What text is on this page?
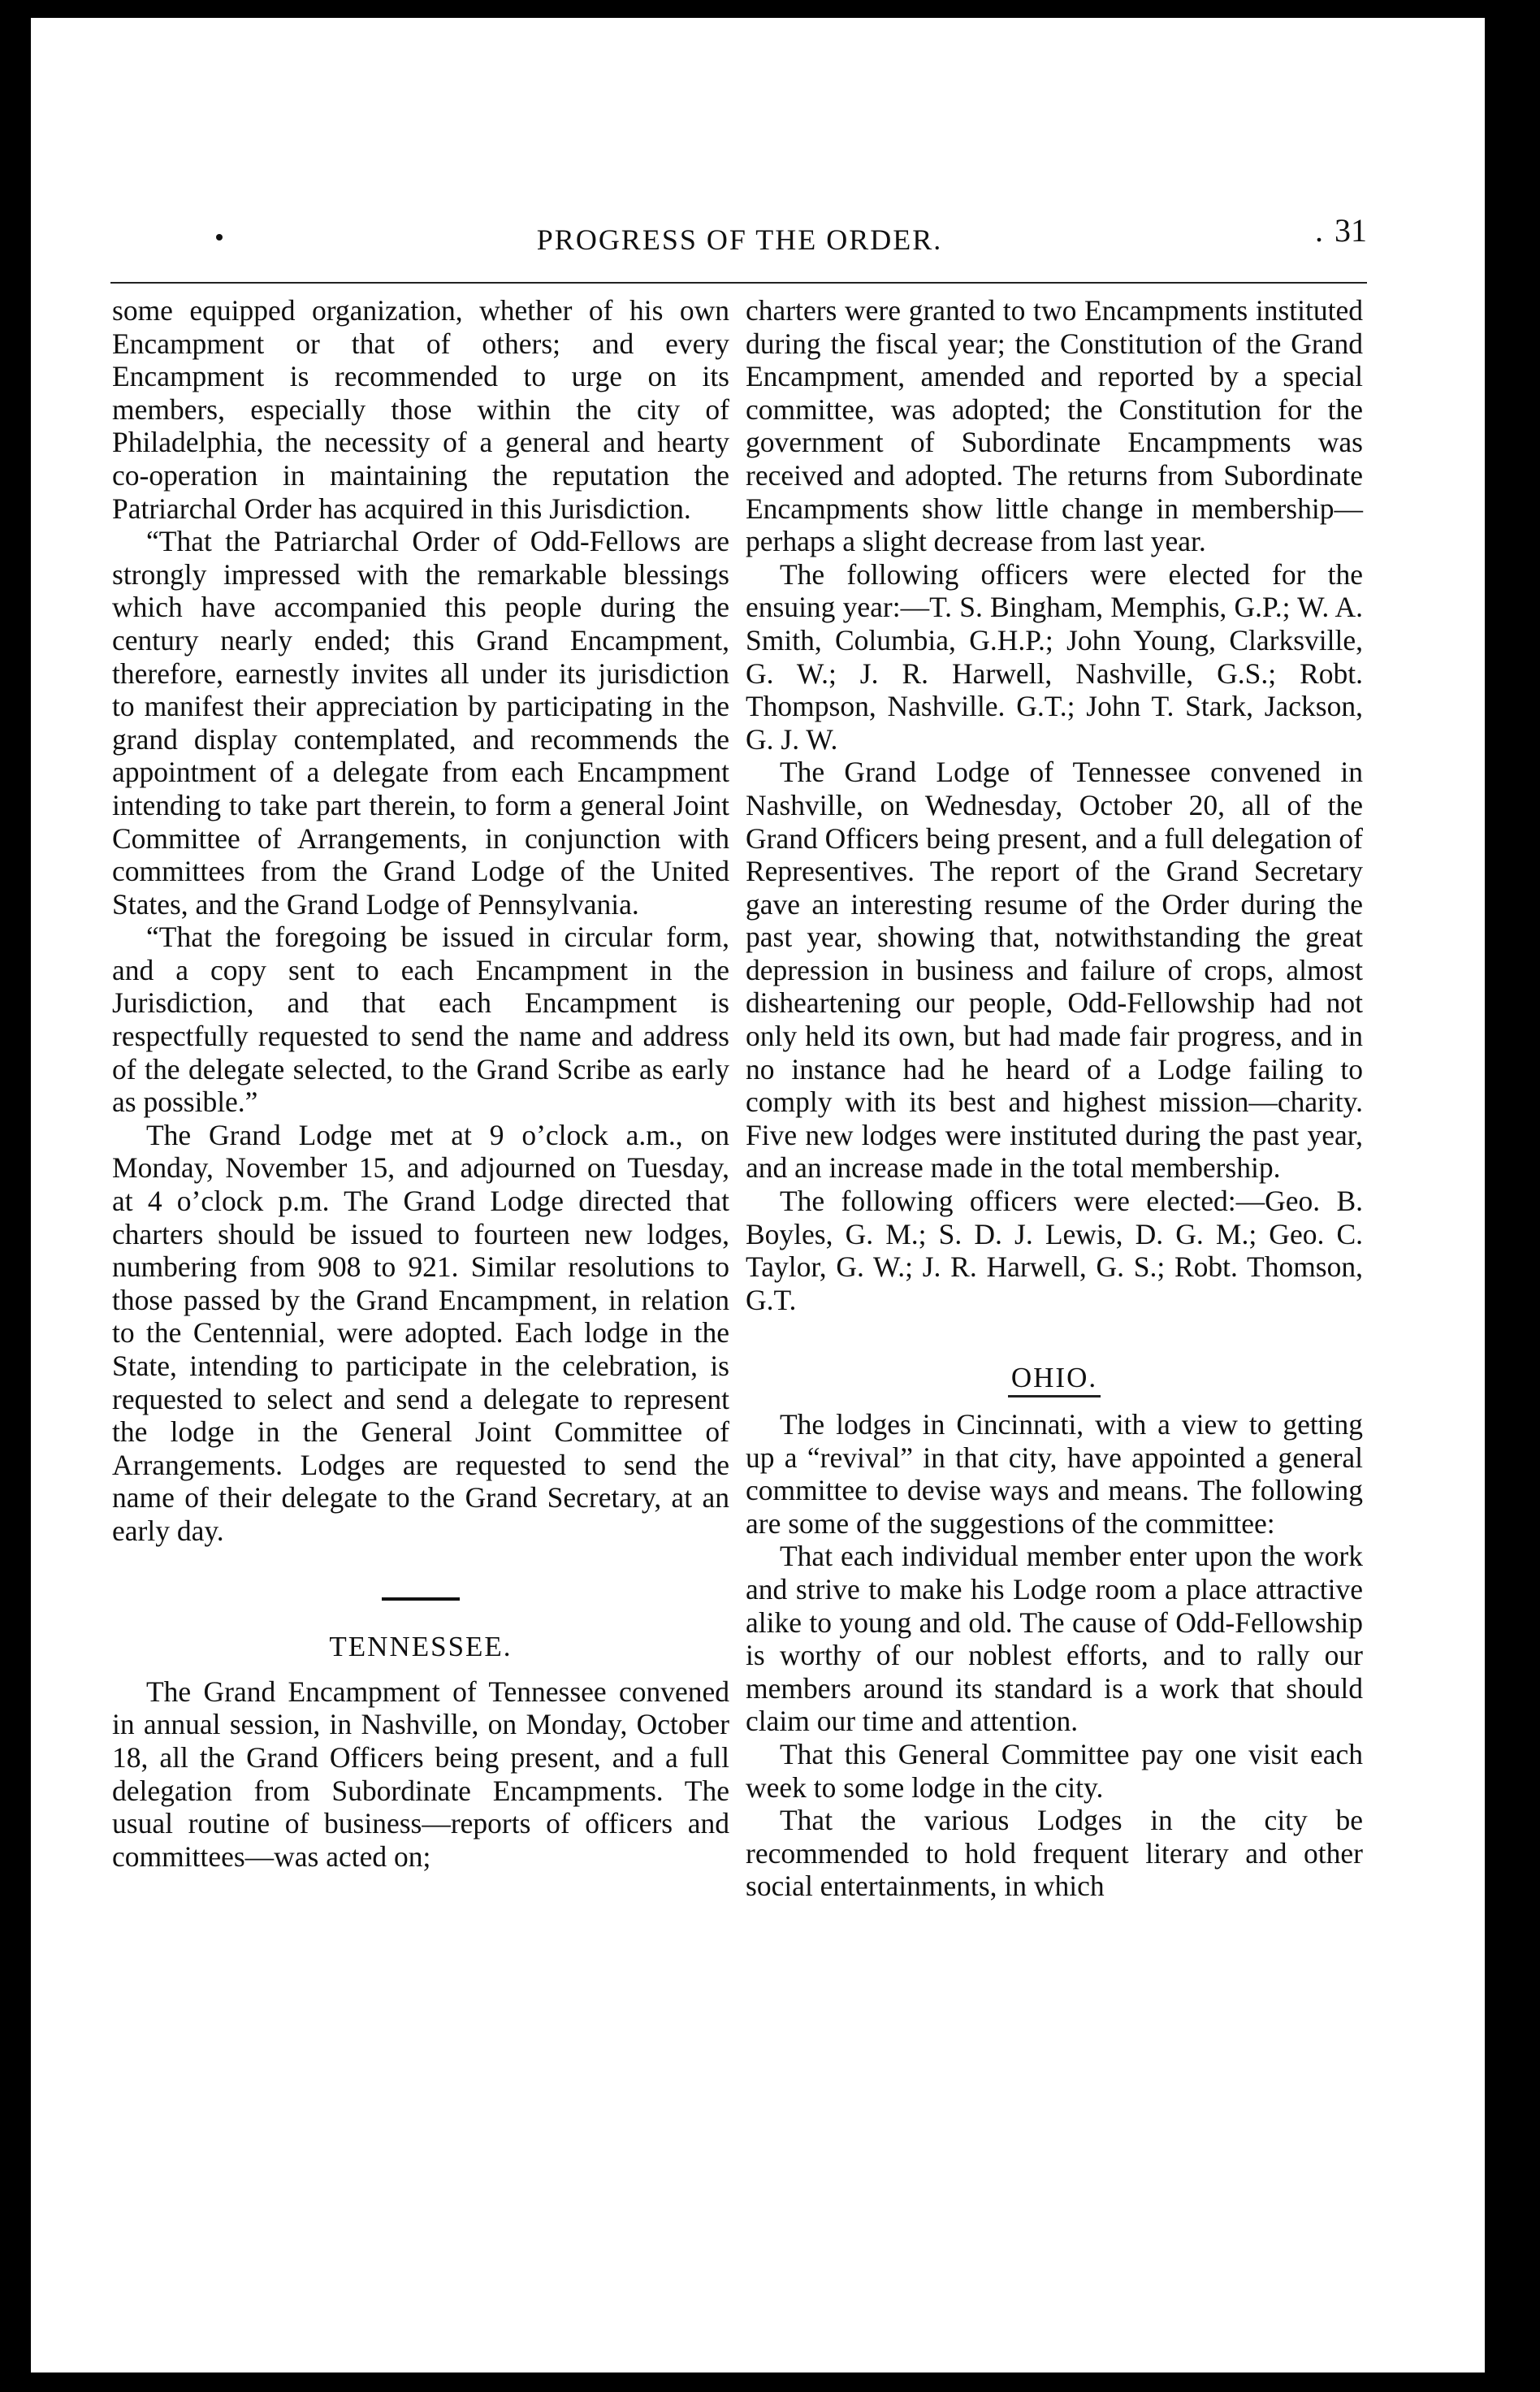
PROGRESS OF THE ORDER.	. 31

some equipped organization, whether of his own Encampment or that of others; and every Encampment is recommended to urge on its members, especially those within the city of Philadelphia, the necessity of a general and hearty co-operation in maintaining the reputation the Patriarchal Order has acquired in this Jurisdiction.

“That the Patriarchal Order of Odd-Fellows are strongly impressed with the remarkable blessings which have accompanied this people during the century nearly ended; this Grand Encampment, therefore, earnestly invites all under its jurisdiction to manifest their appreciation by participating in the grand display contemplated, and recommends the appointment of a delegate from each Encampment intending to take part therein, to form a general Joint Committee of Arrangements, in conjunction with committees from the Grand Lodge of the United States, and the Grand Lodge of Pennsylvania.

“That the foregoing be issued in circular form, and a copy sent to each Encampment in the Jurisdiction, and that each Encampment is respectfully requested to send the name and address of the delegate selected, to the Grand Scribe as early as possible.”

The Grand Lodge met at 9 o’clock a.m., on Monday, November 15, and adjourned on Tuesday, at 4 o’clock p.m. The Grand Lodge directed that charters should be issued to fourteen new lodges, numbering from 908 to 921. Similar resolutions to those passed by the Grand Encampment, in relation to the Centennial, were adopted. Each lodge in the State, intending to participate in the celebration, is requested to select and send a delegate to represent the lodge in the General Joint Committee of Arrangements. Lodges are requested to send the name of their delegate to the Grand Secretary, at an early day.

TENNESSEE.

The Grand Encampment of Tennessee convened in annual session, in Nashville, on Monday, October 18, all the Grand Officers being present, and a full delegation from Subordinate Encampments. The usual routine of business—reports of officers and committees—was acted on;

charters were granted to two Encampments instituted during the fiscal year; the Constitution of the Grand Encampment, amended and reported by a special committee, was adopted; the Constitution for the government of Subordinate Encampments was received and adopted. The returns from Subordinate Encampments show little change in membership—perhaps a slight decrease from last year.

The following officers were elected for the ensuing year:—T. S. Bingham, Memphis, G.P.; W. A. Smith, Columbia, G.H.P.; John Young, Clarksville, G. W.; J. R. Harwell, Nashville, G.S.; Robt. Thompson, Nashville. G.T.; John T. Stark, Jackson, G. J. W.

The Grand Lodge of Tennessee convened in Nashville, on Wednesday, October 20, all of the Grand Officers being present, and a full delegation of Representives. The report of the Grand Secretary gave an interesting resume of the Order during the past year, showing that, notwithstanding the great depression in business and failure of crops, almost disheartening our people, Odd-Fellowship had not only held its own, but had made fair progress, and in no instance had he heard of a Lodge failing to comply with its best and highest mission—charity. Five new lodges were instituted during the past year, and an increase made in the total membership.

The following officers were elected:—Geo. B. Boyles, G. M.; S. D. J. Lewis, D. G. M.; Geo. C. Taylor, G. W.; J. R. Harwell, G. S.; Robt. Thomson, G.T.

OHIO.

The lodges in Cincinnati, with a view to getting up a “revival” in that city, have appointed a general committee to devise ways and means. The following are some of the suggestions of the committee:

That each individual member enter upon the work and strive to make his Lodge room a place attractive alike to young and old. The cause of Odd-Fellowship is worthy of our noblest efforts, and to rally our members around its standard is a work that should claim our time and attention.

That this General Committee pay one visit each week to some lodge in the city.

That the various Lodges in the city be recommended to hold frequent literary and other social entertainments, in which
